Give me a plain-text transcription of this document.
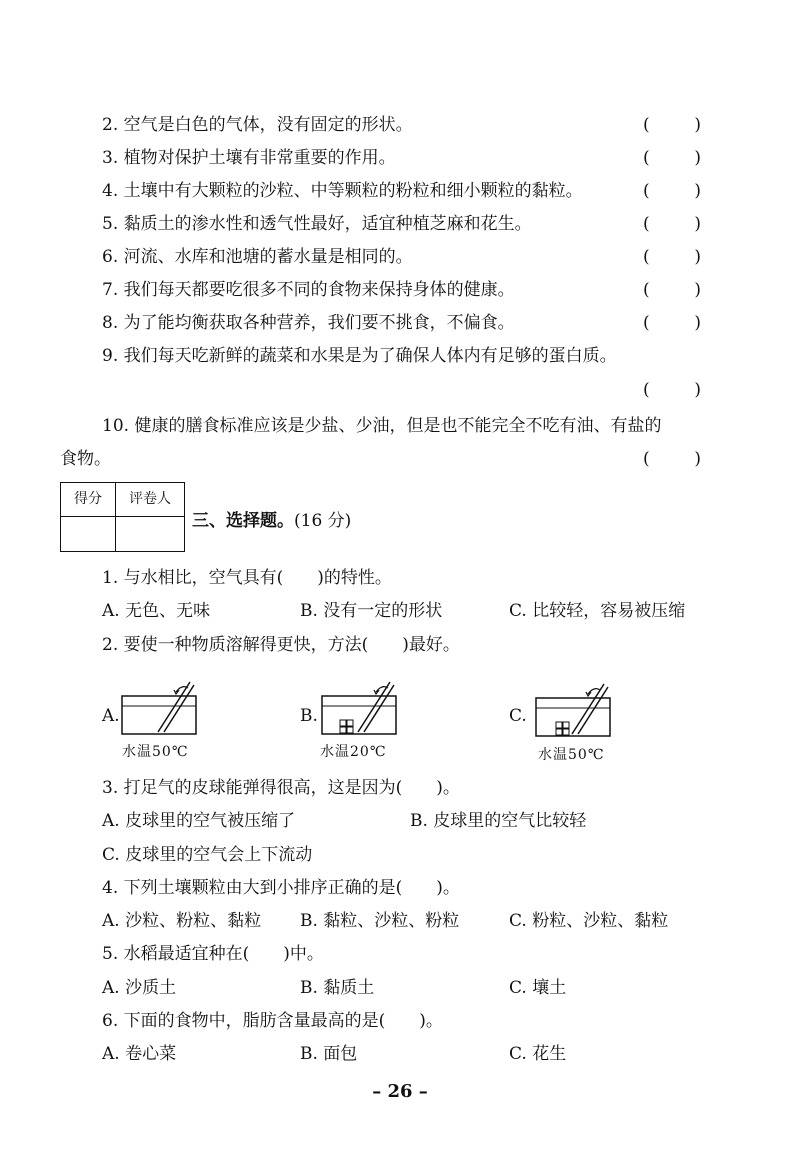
2. 空气是白色的气体，没有固定的形状。	(	)
3. 植物对保护土壤有非常重要的作用。	(	)
4. 土壤中有大颗粒的沙粒、中等颗粒的粉粒和细小颗粒的黏粒。	(	)
5. 黏质土的渗水性和透气性最好，适宜种植芝麻和花生。	(	)
6. 河流、水库和池塘的蓄水量是相同的。	(	)
7. 我们每天都要吃很多不同的食物来保持身体的健康。	(	)
8. 为了能均衡获取各种营养，我们要不挑食，不偏食。	(	)
9. 我们每天吃新鲜的蔬菜和水果是为了确保人体内有足够的蛋白质。
(	)
10. 健康的膳食标准应该是少盐、少油，但是也不能完全不吃有油、有盐的
食物。	(	)
得分	评卷人
三、选择题。(16 分)
1. 与水相比，空气具有(　　)的特性。
A. 无色、无味	B. 没有一定的形状	C. 比较轻，容易被压缩
2. 要使一种物质溶解得更快，方法(　　)最好。
A.
水温50℃
B.
水温20℃
C.
水温50℃
3. 打足气的皮球能弹得很高，这是因为(　　)。
A. 皮球里的空气被压缩了	B. 皮球里的空气比较轻
C. 皮球里的空气会上下流动
4. 下列土壤颗粒由大到小排序正确的是(　　)。
A. 沙粒、粉粒、黏粒 B. 黏粒、沙粒、粉粒	C. 粉粒、沙粒、黏粒
5. 水稻最适宜种在(　　)中。
A. 沙质土	B. 黏质土	C. 壤土
6. 下面的食物中，脂肪含量最高的是(　　)。
A. 卷心菜	B. 面包	C. 花生
– 26 –
